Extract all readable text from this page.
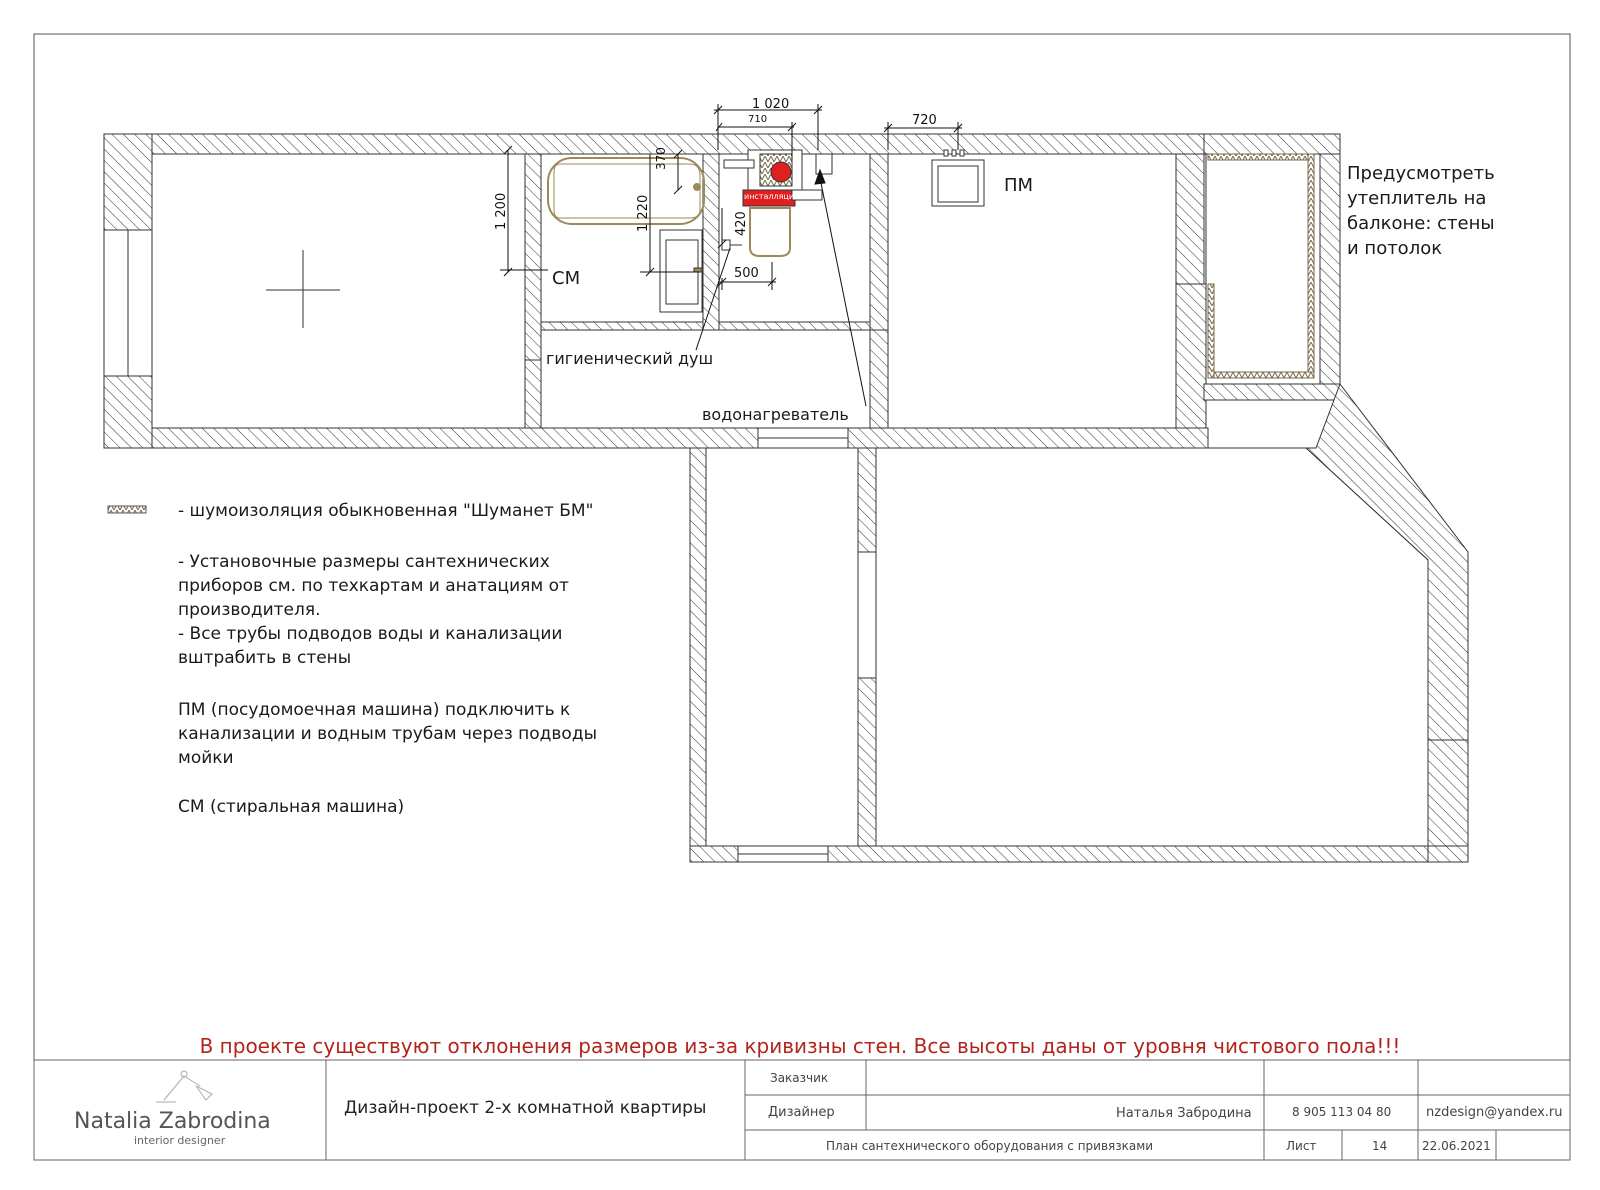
1 020
710	720
370
1 200	1 220	420
500
ПМ
СМ
инсталляция
гигиенический душ
водонагреватель
Предусмотреть
утеплитель на
балконе: стены
и потолок
- шумоизоляция обыкновенная "Шуманет БМ"
- Установочные размеры сантехнических
приборов см. по техкартам и анатациям от
производителя.
- Все трубы подводов воды и канализации
вштрабить в стены
ПМ (посудомоечная машина) подключить к
канализации и водным трубам через подводы
мойки
СМ (стиральная машина)
В проекте существуют отклонения размеров из-за кривизны стен. Все высоты даны от уровня чистового пола!!!
Natalia Zabrodina
interior designer
Дизайн-проект 2-х комнатной квартиры
Заказчик
Дизайнер	Наталья Забродина	8 905 113 04 80	nzdesign@yandex.ru
План сантехнического оборудования с привязками	Лист	14	22.06.2021
